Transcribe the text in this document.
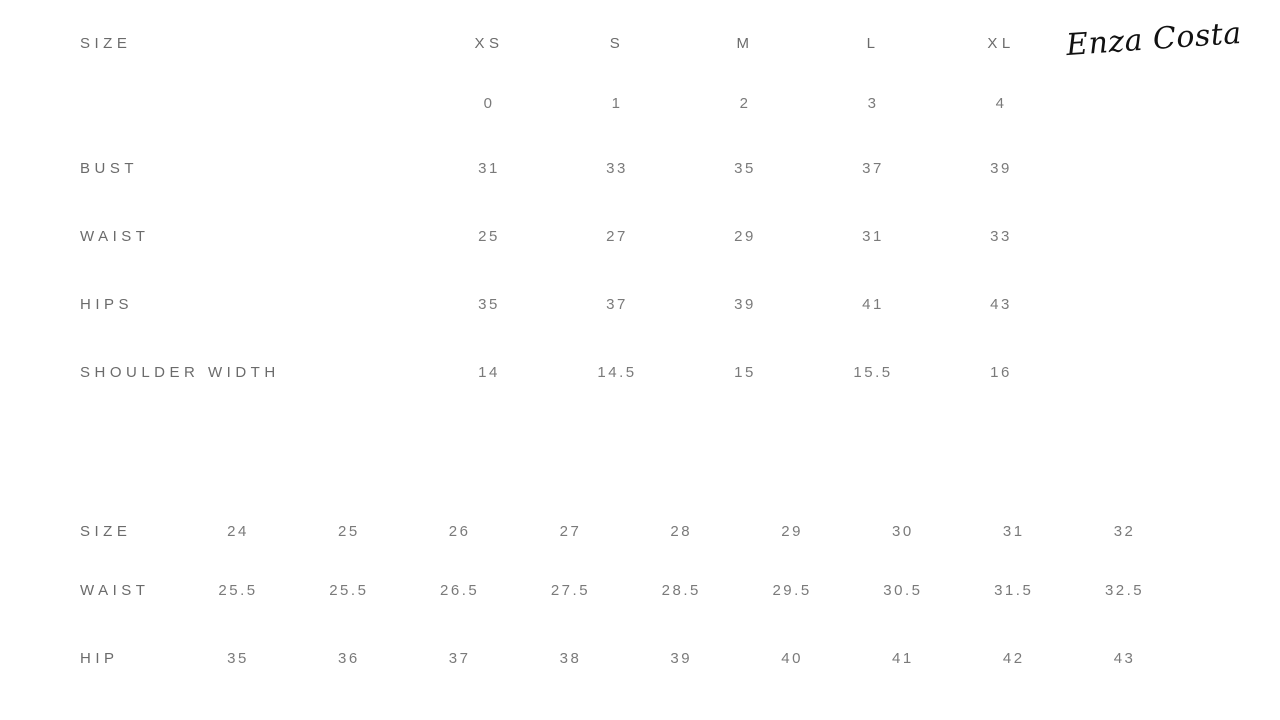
Enza Costa
SIZE	XS	S	M	L	XL
	0	1	2	3	4
BUST	31	33	35	37	39
WAIST	25	27	29	31	33
HIPS	35	37	39	41	43
SHOULDER WIDTH	14	14.5	15	15.5	16
SIZE	24	25	26	27	28	29	30	31	32
WAIST	25.5	25.5	26.5	27.5	28.5	29.5	30.5	31.5	32.5
HIP	35	36	37	38	39	40	41	42	43
